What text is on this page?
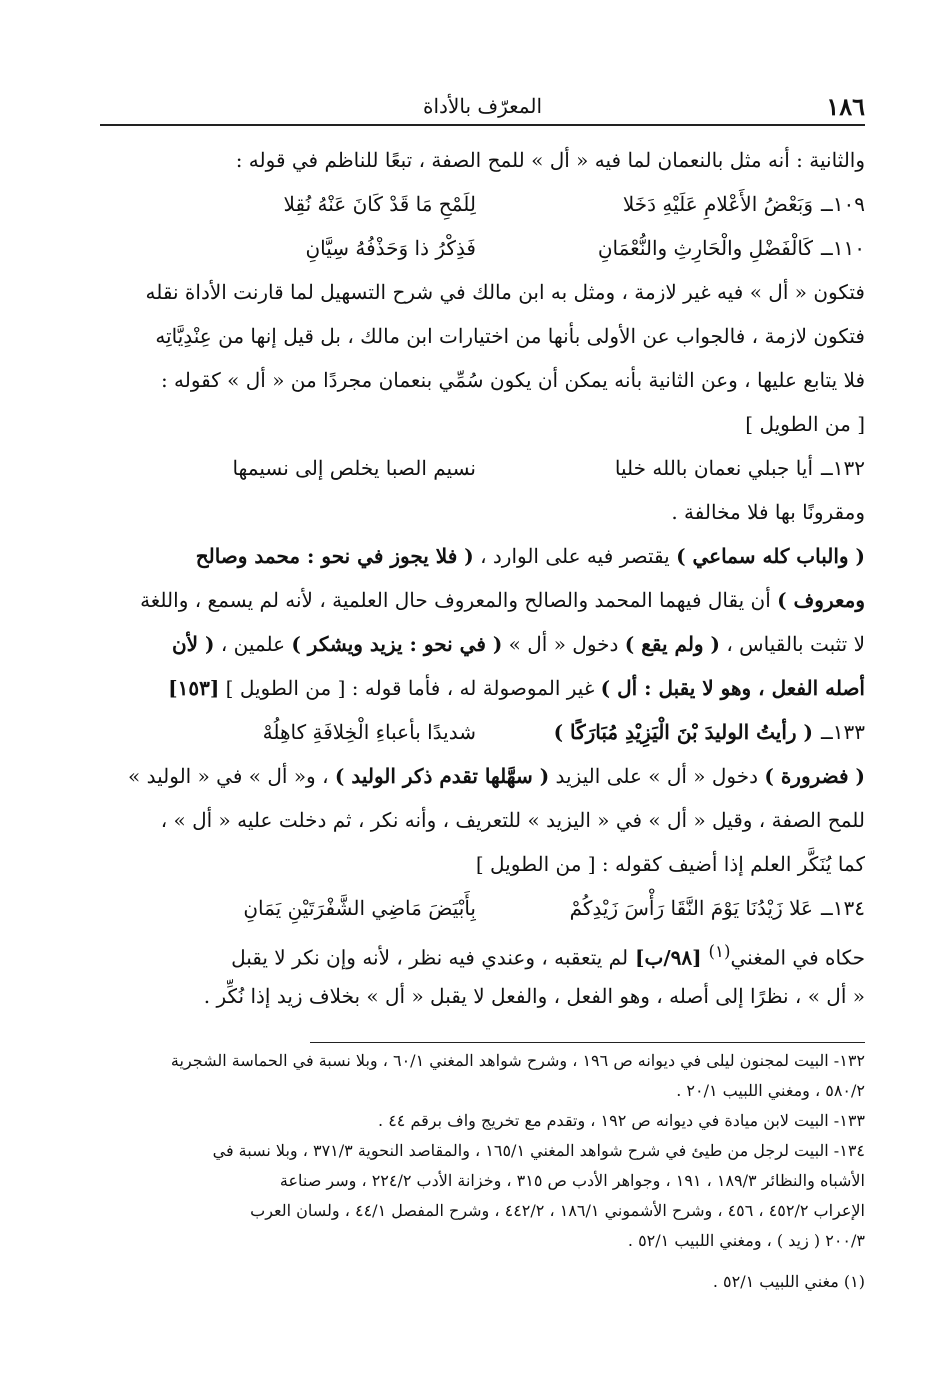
١٨٦
المعرّف بالأداة
والثانية : أنه مثل بالنعمان لما فيه « أل » للمح الصفة ، تبعًا للناظم في قوله :
١٠٩ــ
وَبَعْضُ الأَعْلامِ عَلَيْهِ دَخَلا
لِلَمْحِ مَا قَدْ كَانَ عَنْهُ نُقِلا
١١٠ــ
كَالْفَضْلِ والْحَارِثِ والنُّعْمَانِ
فَذِكْرُ ذا وَحَذْفُهُ سِيَّانِ
فتكون « أل » فيه غير لازمة ، ومثل به ابن مالك في شرح التسهيل لما قارنت الأداة نقله
فتكون لازمة ، فالجواب عن الأولى بأنها من اختيارات ابن مالك ، بل قيل إنها من عِنْدِيَّاتِه
فلا يتابع عليها ، وعن الثانية بأنه يمكن أن يكون سُمِّي بنعمان مجردًا من « أل » كقوله :
[ من الطويل ]
١٣٢ــ
أيا جبلي نعمان بالله خليا
نسيم الصبا يخلص إلى نسيمها
ومقرونًا بها فلا مخالفة .
( والباب كله سماعي ) يقتصر فيه على الوارد ، ( فلا يجوز في نحو : محمد وصالح
ومعروف ) أن يقال فيهما المحمد والصالح والمعروف حال العلمية ، لأنه لم يسمع ، واللغة
لا تثبت بالقياس ، ( ولم يقع ) دخول « أل » ( في نحو : يزيد ويشكر ) علمين ، ( لأن
أصله الفعل ، وهو لا يقبل : أل ) غير الموصولة له ، فأما قوله : [ من الطويل ] [١٥٣]
١٣٣ــ
( رأيتُ الوليدَ بْنَ الْيَزِيْدِ مُبَارَكًا )
شديدًا بأعباءِ الْخِلافَةِ كاهِلُهْ
( فضرورة ) دخول « أل » على اليزيد ( سهَّلها تقدم ذكر الوليد ) ، و« أل » في « الوليد »
للمح الصفة ، وقيل « أل » في « اليزيد » للتعريف ، وأنه نكر ، ثم دخلت عليه « أل » ،
كما يُنَكَّر العلم إذا أضيف كقوله : [ من الطويل ]
١٣٤ــ
عَلا زَيْدُنَا يَوْمَ النَّقَا رَأْسَ زَيْدِكُمْ
بِأَبْيَضَ مَاضِي الشَّفْرَتَيْنِ يَمَانِ
حكاه في المغني$^{(١)}$ [٩٨/ب] لم يتعقبه ، وعندي فيه نظر ، لأنه وإن نكر لا يقبل
« أل » ، نظرًا إلى أصله ، وهو الفعل ، والفعل لا يقبل « أل » بخلاف زيد إذا نُكِّر .
١٣٢- البيت لمجنون ليلى في ديوانه ص ١٩٦ ، وشرح شواهد المغني ٦٠/١ ، وبلا نسبة في الحماسة الشجرية
٥٨٠/٢ ، ومغني اللبيب ٢٠/١ .
١٣٣- البيت لابن ميادة في ديوانه ص ١٩٢ ، وتقدم مع تخريج واف برقم ٤٤ .
١٣٤- البيت لرجل من طيئ في شرح شواهد المغني ١٦٥/١ ، والمقاصد النحوية ٣٧١/٣ ، وبلا نسبة في
الأشباه والنظائر ١٨٩/٣ ، ١٩١ ، وجواهر الأدب ص ٣١٥ ، وخزانة الأدب ٢٢٤/٢ ، وسر صناعة
الإعراب ٤٥٢/٢ ، ٤٥٦ ، وشرح الأشموني ١٨٦/١ ، ٤٤٢/٢ ، وشرح المفصل ٤٤/١ ، ولسان العرب
٢٠٠/٣ ( زيد ) ، ومغني اللبيب ٥٢/١ .
(١) مغني اللبيب ٥٢/١ .
